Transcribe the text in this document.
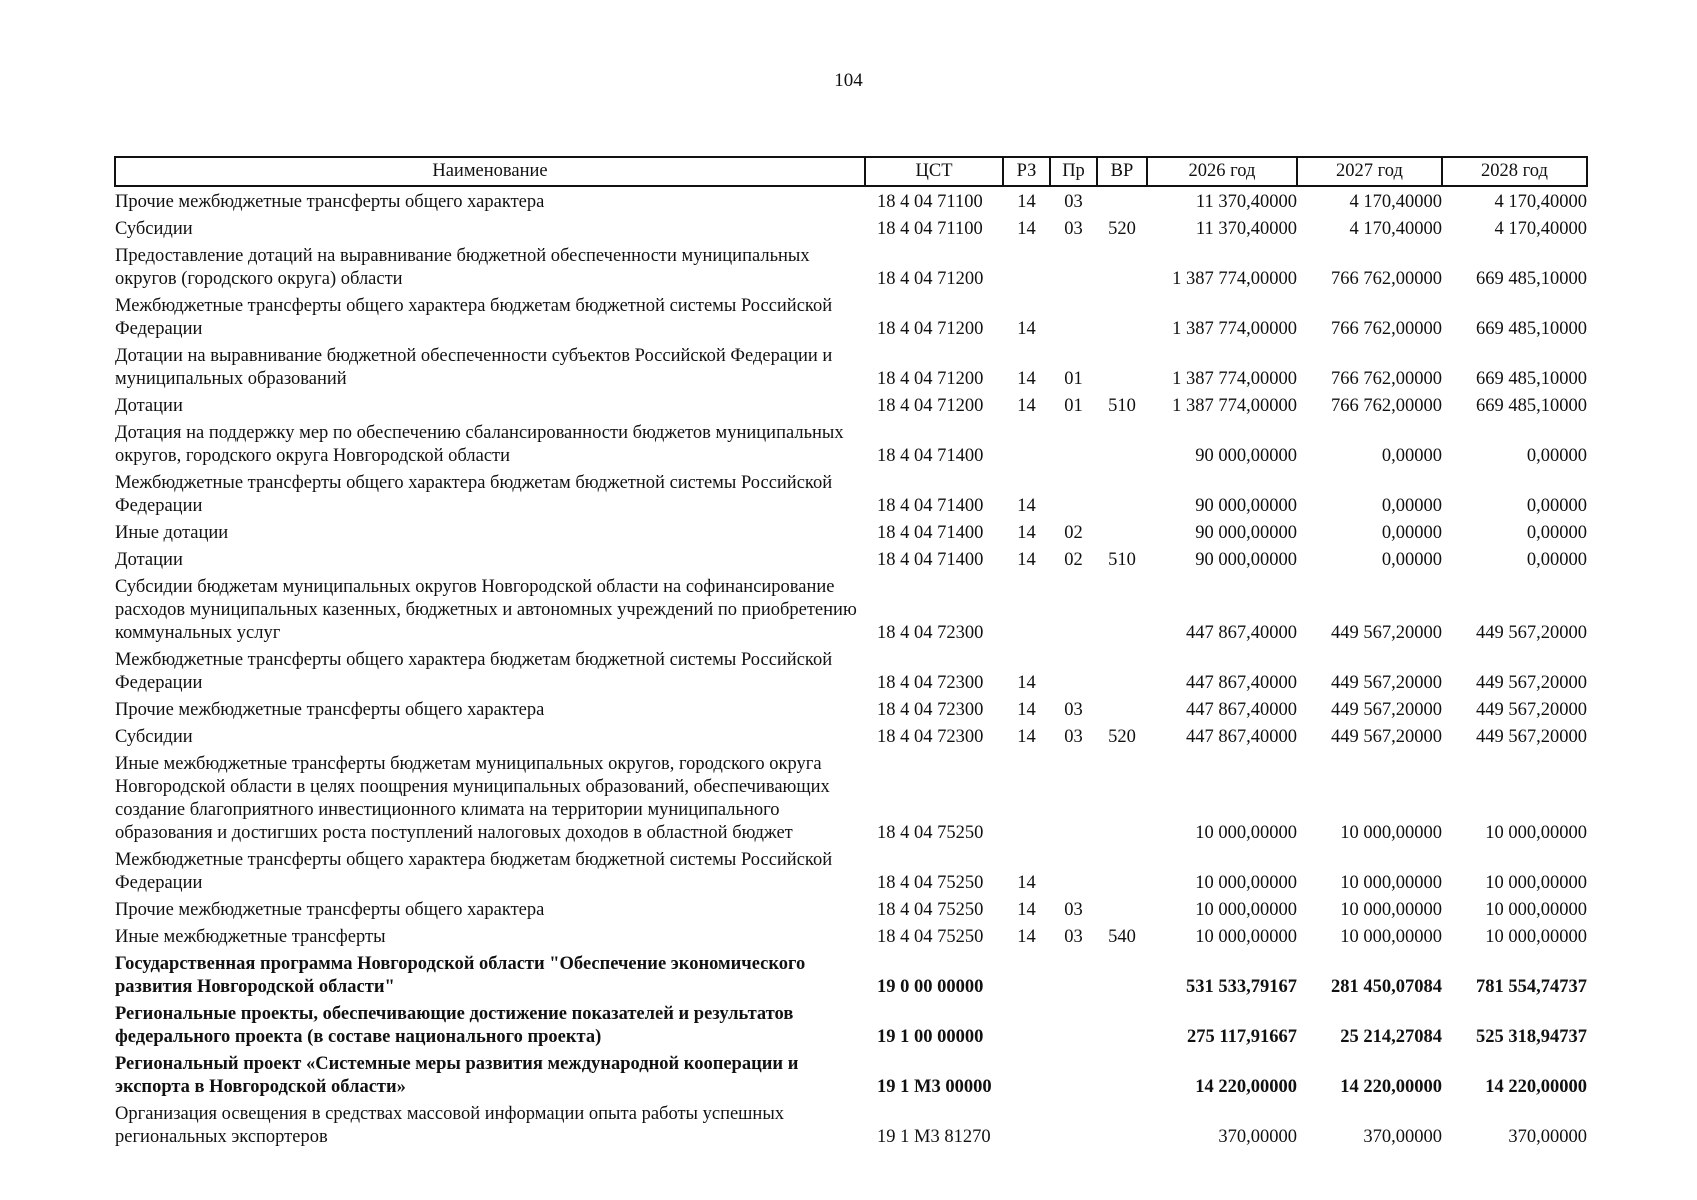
104
Наименование	ЦСТ	РЗ	Пр	ВР	2026 год	2027 год	2028 год
Прочие межбюджетные трансферты общего характера	18 4 04 71100	14	03		11 370,40000	4 170,40000	4 170,40000
Субсидии	18 4 04 71100	14	03	520	11 370,40000	4 170,40000	4 170,40000
Предоставление дотаций на выравнивание бюджетной обеспеченности муниципальных округов (городского округа) области	18 4 04 71200				1 387 774,00000	766 762,00000	669 485,10000
Межбюджетные трансферты общего характера бюджетам бюджетной системы Российской Федерации	18 4 04 71200	14			1 387 774,00000	766 762,00000	669 485,10000
Дотации на выравнивание бюджетной обеспеченности субъектов Российской Федерации и муниципальных образований	18 4 04 71200	14	01		1 387 774,00000	766 762,00000	669 485,10000
Дотации	18 4 04 71200	14	01	510	1 387 774,00000	766 762,00000	669 485,10000
Дотация на поддержку мер по обеспечению сбалансированности бюджетов муниципальных округов, городского округа Новгородской области	18 4 04 71400				90 000,00000	0,00000	0,00000
Межбюджетные трансферты общего характера бюджетам бюджетной системы Российской Федерации	18 4 04 71400	14			90 000,00000	0,00000	0,00000
Иные дотации	18 4 04 71400	14	02		90 000,00000	0,00000	0,00000
Дотации	18 4 04 71400	14	02	510	90 000,00000	0,00000	0,00000
Субсидии бюджетам муниципальных округов Новгородской области на софинансирование расходов муниципальных казенных, бюджетных и автономных учреждений по приобретению коммунальных услуг	18 4 04 72300				447 867,40000	449 567,20000	449 567,20000
Межбюджетные трансферты общего характера бюджетам бюджетной системы Российской Федерации	18 4 04 72300	14			447 867,40000	449 567,20000	449 567,20000
Прочие межбюджетные трансферты общего характера	18 4 04 72300	14	03		447 867,40000	449 567,20000	449 567,20000
Субсидии	18 4 04 72300	14	03	520	447 867,40000	449 567,20000	449 567,20000
Иные межбюджетные трансферты бюджетам муниципальных округов, городского округа Новгородской области в целях поощрения муниципальных образований, обеспечивающих создание благоприятного инвестиционного климата на территории муниципального образования и достигших роста поступлений налоговых доходов в областной бюджет	18 4 04 75250				10 000,00000	10 000,00000	10 000,00000
Межбюджетные трансферты общего характера бюджетам бюджетной системы Российской Федерации	18 4 04 75250	14			10 000,00000	10 000,00000	10 000,00000
Прочие межбюджетные трансферты общего характера	18 4 04 75250	14	03		10 000,00000	10 000,00000	10 000,00000
Иные межбюджетные трансферты	18 4 04 75250	14	03	540	10 000,00000	10 000,00000	10 000,00000
Государственная программа Новгородской области "Обеспечение экономического развития Новгородской области"	19 0 00 00000				531 533,79167	281 450,07084	781 554,74737
Региональные проекты, обеспечивающие достижение показателей и результатов федерального проекта (в составе национального проекта)	19 1 00 00000				275 117,91667	25 214,27084	525 318,94737
Региональный проект «Системные меры развития международной кооперации и экспорта в Новгородской области»	19 1 М3 00000				14 220,00000	14 220,00000	14 220,00000
Организация освещения в средствах массовой информации опыта работы успешных региональных экспортеров	19 1 М3 81270				370,00000	370,00000	370,00000
